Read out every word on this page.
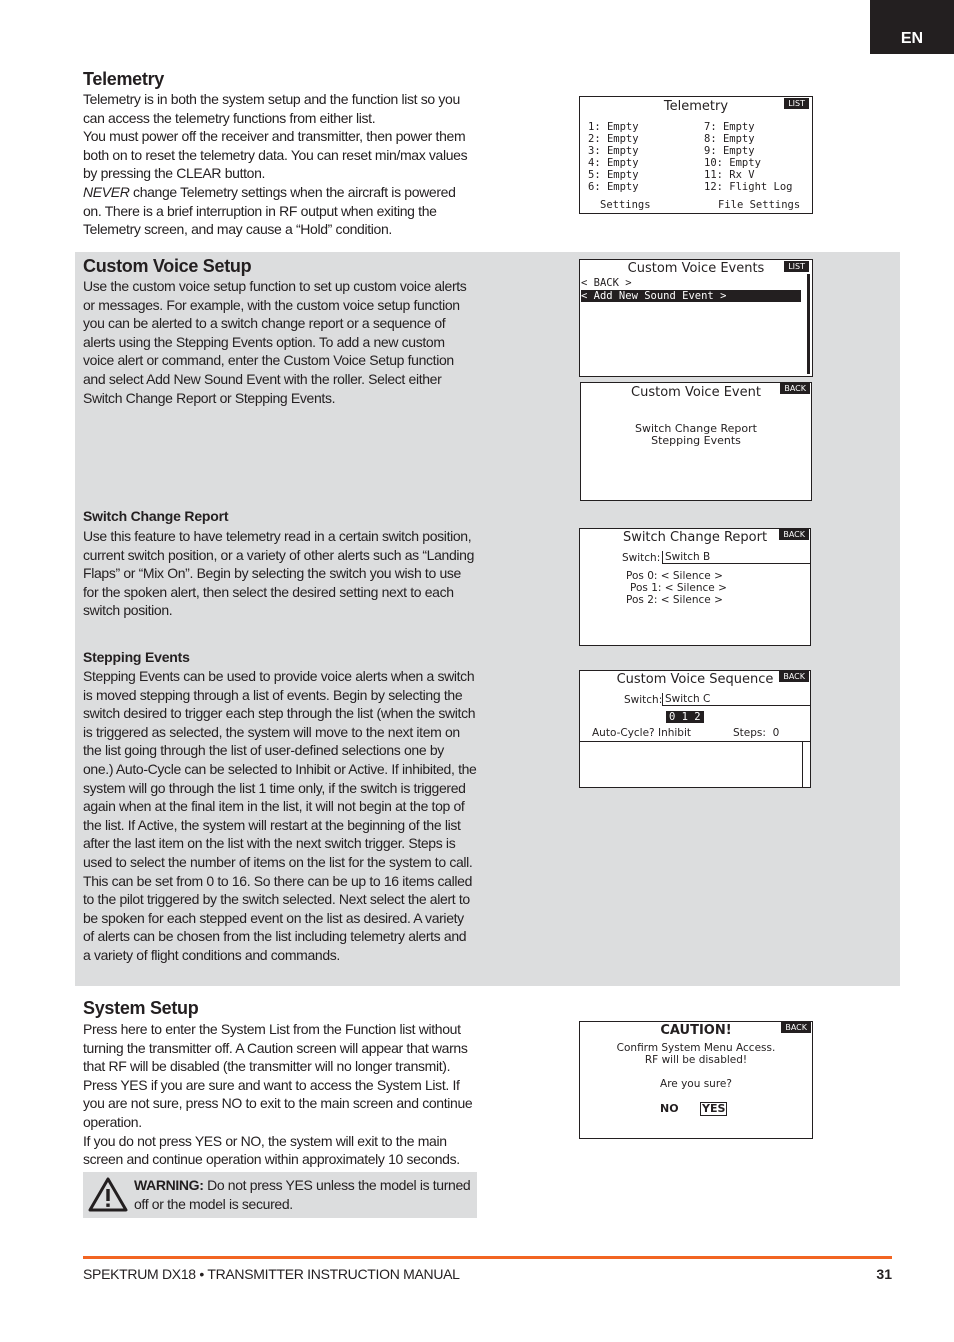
EN
Telemetry

Telemetry is in both the system setup and the function list so you can access the telemetry functions from either list.

You must power off the receiver and transmitter, then power them both on to reset the telemetry data. You can reset min/max values by pressing the CLEAR button.

NEVER change Telemetry settings when the aircraft is powered on. There is a brief interruption in RF output when exiting the Telemetry screen, and may cause a “Hold” condition.

Telemetry	LIST
1: Empty
2: Empty
3: Empty
4: Empty
5: Empty
6: Empty
7: Empty
8: Empty
9: Empty
10: Empty
11: Rx V
12: Flight Log
Settings	File Settings
Custom Voice Setup

Use the custom voice setup function to set up custom voice alerts or messages. For example, with the custom voice setup function you can be alerted to a switch change report or a sequence of alerts using the Stepping Events option. To add a new custom voice alert or command, enter the Custom Voice Setup function and select Add New Sound Event with the roller. Select either Switch Change Report or Stepping Events.

Custom Voice Events	LIST
< BACK >
< Add New Sound Event >
Custom Voice Event	BACK
Switch Change Report
Stepping Events
Switch Change Report

Use this feature to have telemetry read in a certain switch position, current switch position, or a variety of other alerts such as “Landing Flaps” or “Mix On”. Begin by selecting the switch you wish to use for the spoken alert, then select the desired setting next to each switch position.

Switch Change Report	BACK
Switch: Switch B
Pos 0: < Silence >
Pos 1: < Silence >
Pos 2: < Silence >
Stepping Events

Stepping Events can be used to provide voice alerts when a switch is moved stepping through a list of events. Begin by selecting the switch desired to trigger each step through the list (when the switch is triggered as selected, the system will move to the next item on the list going through the list of user-defined selections one by one.) Auto-Cycle can be selected to Inhibit or Active. If inhibited, the system will go through the list 1 time only, if the switch is triggered again when at the final item in the list, it will not begin at the top of the list. If Active, the system will restart at the beginning of the list after the last item on the list with the next switch trigger. Steps is used to select the number of items on the list for the system to call. This can be set from 0 to 16. So there can be up to 16 items called to the pilot triggered by the switch selected. Next select the alert to be spoken for each stepped event on the list as desired. A variety of alerts can be chosen from the list including telemetry alerts and a variety of flight conditions and commands.

Custom Voice Sequence	BACK
Switch: Switch C
0 1 2
Auto-Cycle? Inhibit	Steps:  0
System Setup

Press here to enter the System List from the Function list without turning the transmitter off. A Caution screen will appear that warns that RF will be disabled (the transmitter will no longer transmit). Press YES if you are sure and want to access the System List. If you are not sure, press NO to exit to the main screen and continue operation.

If you do not press YES or NO, the system will exit to the main screen and continue operation within approximately 10 seconds.

WARNING: Do not press YES unless the model is turned off or the model is secured.
CAUTION!	BACK
Confirm System Menu Access.
RF will be disabled!
Are you sure?
NO YES
SPEKTRUM DX18 • TRANSMITTER INSTRUCTION MANUAL	31
